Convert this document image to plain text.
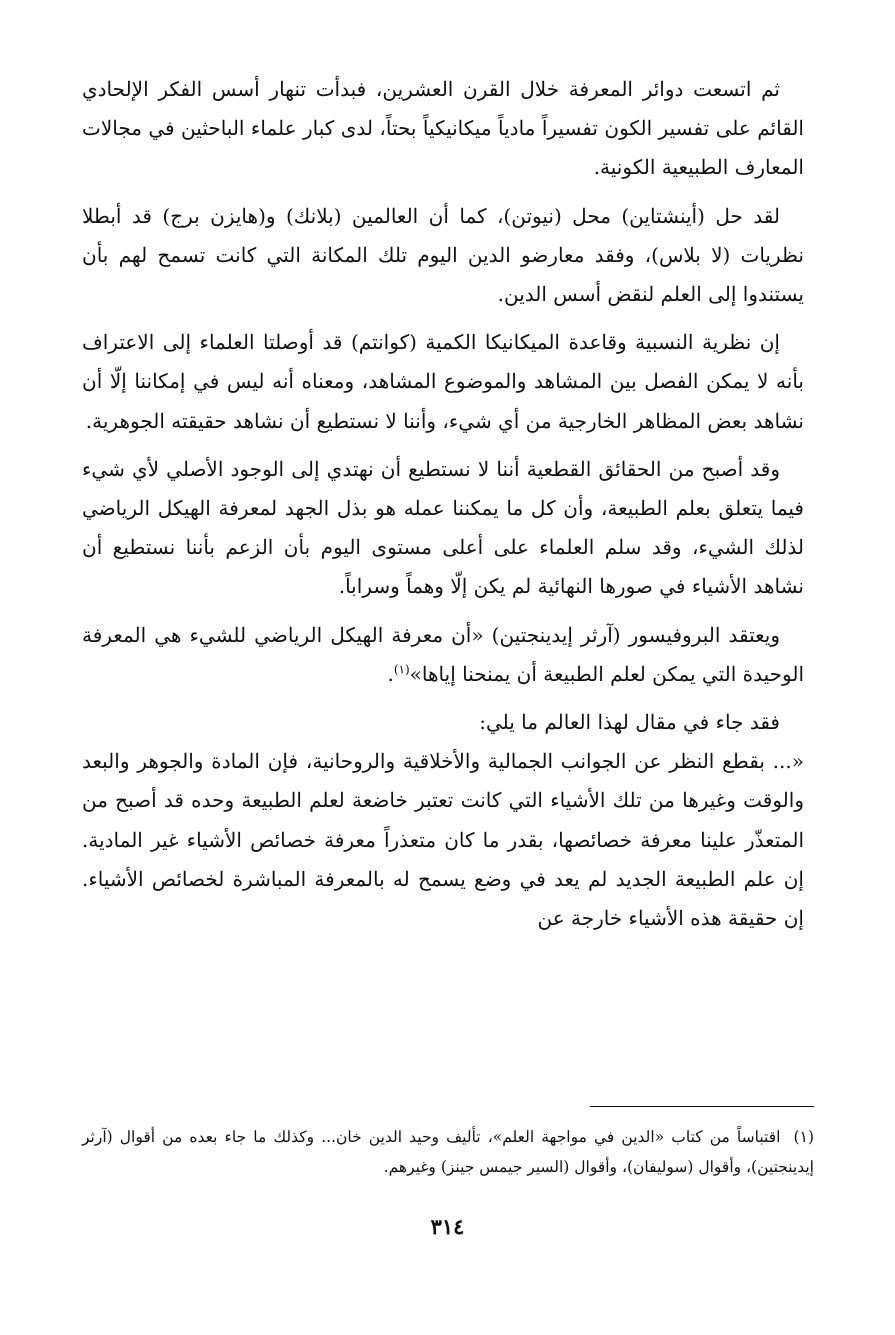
ثم اتسعت دوائر المعرفة خلال القرن العشرين، فبدأت تنهار أسس الفكر الإلحادي القائم على تفسير الكون تفسيراً مادياً ميكانيكياً بحتاً، لدى كبار علماء الباحثين في مجالات المعارف الطبيعية الكونية.

لقد حل (أينشتاين) محل (نيوتن)، كما أن العالمين (بلانك) و(هايزن برج) قد أبطلا نظريات (لا بلاس)، وفقد معارضو الدين اليوم تلك المكانة التي كانت تسمح لهم بأن يستندوا إلى العلم لنقض أسس الدين.

إن نظرية النسبية وقاعدة الميكانيكا الكمية (كوانتم) قد أوصلتا العلماء إلى الاعتراف بأنه لا يمكن الفصل بين المشاهد والموضوع المشاهد، ومعناه أنه ليس في إمكاننا إلّا أن نشاهد بعض المظاهر الخارجية من أي شيء، وأننا لا نستطيع أن نشاهد حقيقته الجوهرية.

وقد أصبح من الحقائق القطعية أننا لا نستطيع أن نهتدي إلى الوجود الأصلي لأي شيء فيما يتعلق بعلم الطبيعة، وأن كل ما يمكننا عمله هو بذل الجهد لمعرفة الهيكل الرياضي لذلك الشيء، وقد سلم العلماء على أعلى مستوى اليوم بأن الزعم بأننا نستطيع أن نشاهد الأشياء في صورها النهائية لم يكن إلّا وهماً وسراباً.

ويعتقد البروفيسور (آرثر إيدينجتين) «أن معرفة الهيكل الرياضي للشيء هي المعرفة الوحيدة التي يمكن لعلم الطبيعة أن يمنحنا إياها»$^{(١)}$.

فقد جاء في مقال لهذا العالم ما يلي:

«... بقطع النظر عن الجوانب الجمالية والأخلاقية والروحانية، فإن المادة والجوهر والبعد والوقت وغيرها من تلك الأشياء التي كانت تعتبر خاضعة لعلم الطبيعة وحده قد أصبح من المتعذّر علينا معرفة خصائصها، بقدر ما كان متعذراً معرفة خصائص الأشياء غير المادية. إن علم الطبيعة الجديد لم يعد في وضع يسمح له بالمعرفة المباشرة لخصائص الأشياء. إن حقيقة هذه الأشياء خارجة عن

(١) اقتباساً من كتاب «الدين في مواجهة العلم»، تأليف وحيد الدين خان... وكذلك ما جاء بعده من أقوال (آرثر إيدينجتين)، وأقوال (سوليفان)، وأقوال (السير جيمس جينز) وغيرهم.
٣١٤
